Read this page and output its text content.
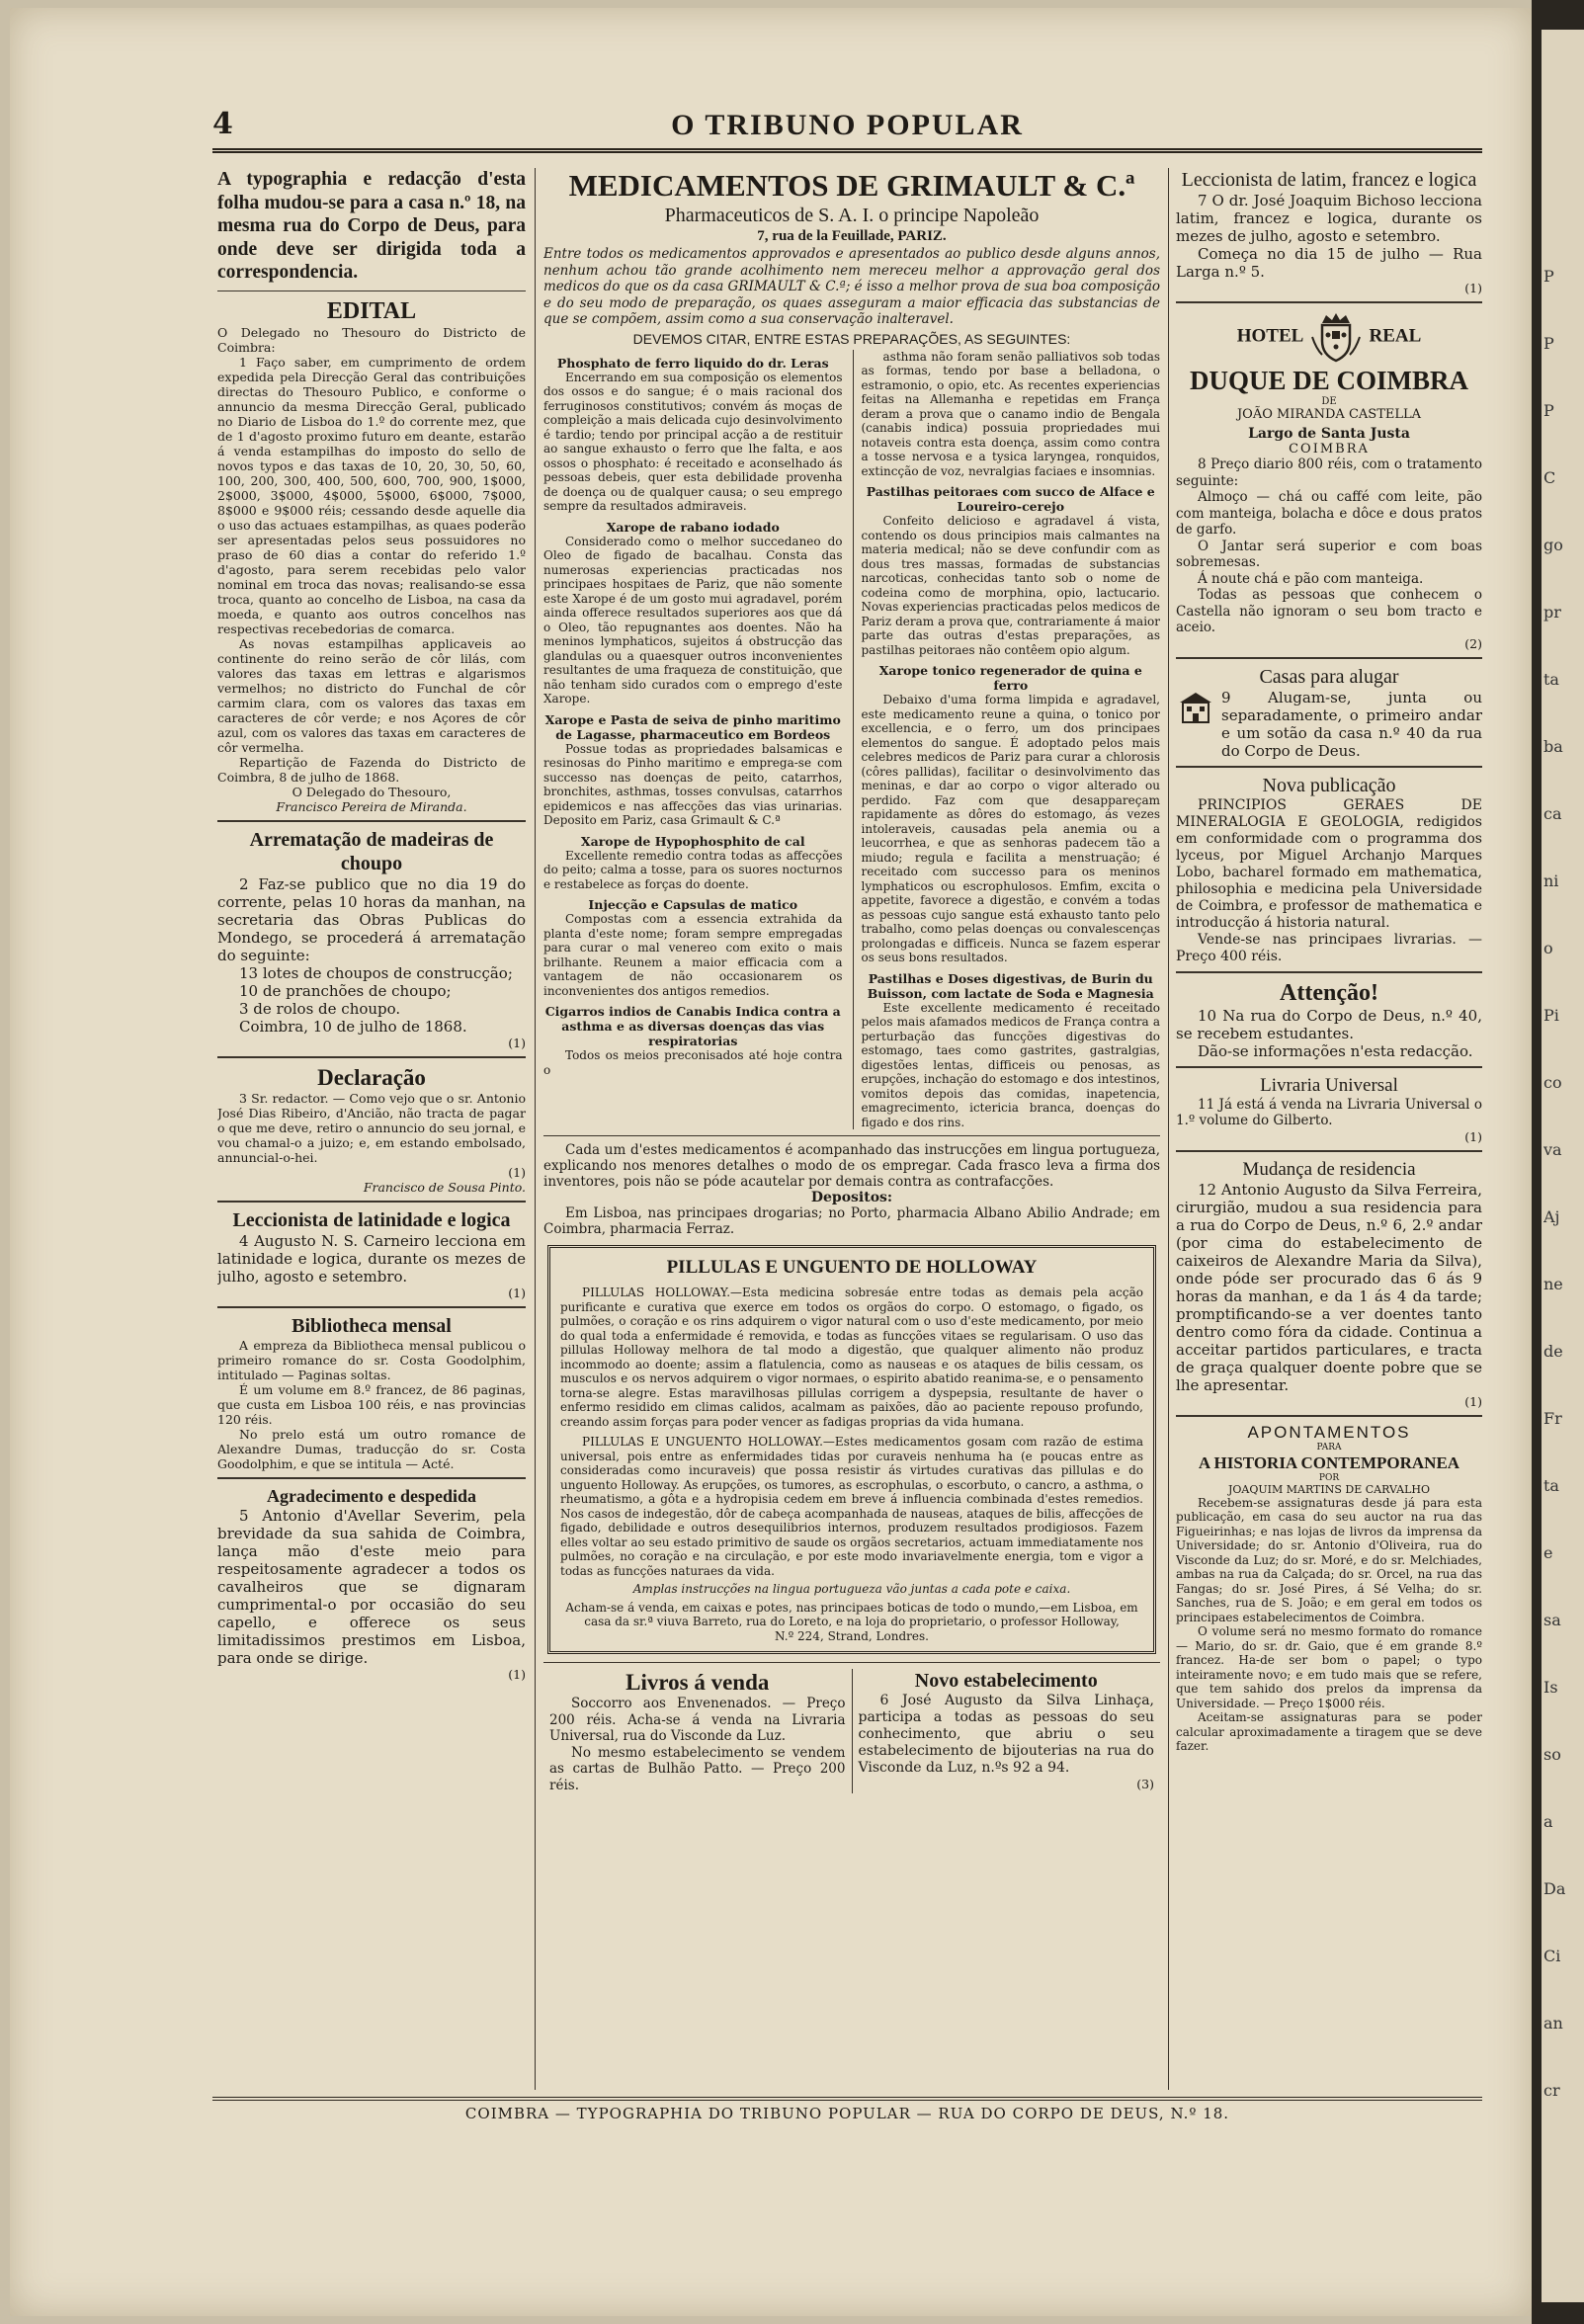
P
P
P
C
go
pr
ta
ba
ca
ni
o
Pi
co
va
Aj
ne
de
Fr
ta
e
sa
Is
so
a
Da
Ci
an
cr
4	O TRIBUNO POPULAR

A typographia e redacção d'esta folha mudou-se para a casa n.º 18, na mesma rua do Corpo de Deus, para onde deve ser dirigida toda a correspondencia.

EDITAL

O Delegado no Thesouro do Districto de Coimbra:

1 Faço saber, em cumprimento de ordem expedida pela Direcção Geral das contribuições directas do Thesouro Publico, e conforme o annuncio da mesma Direcção Geral, publicado no Diario de Lisboa do 1.º do corrente mez, que de 1 d'agosto proximo futuro em deante, estarão á venda estampilhas do imposto do sello de novos typos e das taxas de 10, 20, 30, 50, 60, 100, 200, 300, 400, 500, 600, 700, 900, 1$000, 2$000, 3$000, 4$000, 5$000, 6$000, 7$000, 8$000 e 9$000 réis; cessando desde aquelle dia o uso das actuaes estampilhas, as quaes poderão ser apresentadas pelos seus possuidores no praso de 60 dias a contar do referido 1.º d'agosto, para serem recebidas pelo valor nominal em troca das novas; realisando-se essa troca, quanto ao concelho de Lisboa, na casa da moeda, e quanto aos outros concelhos nas respectivas recebedorias de comarca.

As novas estampilhas applicaveis ao continente do reino serão de côr lilás, com valores das taxas em lettras e algarismos vermelhos; no districto do Funchal de côr carmim clara, com os valores das taxas em caracteres de côr verde; e nos Açores de côr azul, com os valores das taxas em caracteres de côr vermelha.

Repartição de Fazenda do Districto de Coimbra, 8 de julho de 1868.

O Delegado do Thesouro,

Francisco Pereira de Miranda.

Arrematação de madeiras de choupo

2 Faz-se publico que no dia 19 do corrente, pelas 10 horas da manhan, na secretaria das Obras Publicas do Mondego, se procederá á arrematação do seguinte:

13 lotes de choupos de construcção;

10 de pranchões de choupo;

3 de rolos de choupo.

Coimbra, 10 de julho de 1868.

(1)

Declaração

3 Sr. redactor. — Como vejo que o sr. Antonio José Dias Ribeiro, d'Ancião, não tracta de pagar o que me deve, retiro o annuncio do seu jornal, e vou chamal-o a juizo; e, em estando embolsado, annuncial-o-hei.

(1)

Francisco de Sousa Pinto.

Leccionista de latinidade e logica

4 Augusto N. S. Carneiro lecciona em latinidade e logica, durante os mezes de julho, agosto e setembro.

(1)

Bibliotheca mensal

A empreza da Bibliotheca mensal publicou o primeiro romance do sr. Costa Goodolphim, intitulado — Paginas soltas.

É um volume em 8.º francez, de 86 paginas, que custa em Lisboa 100 réis, e nas provincias 120 réis.

No prelo está um outro romance de Alexandre Dumas, traducção do sr. Costa Goodolphim, e que se intitula — Acté.

Agradecimento e despedida

5 Antonio d'Avellar Severim, pela brevidade da sua sahida de Coimbra, lança mão d'este meio para respeitosamente agradecer a todos os cavalheiros que se dignaram cumprimental-o por occasião do seu capello, e offerece os seus limitadissimos prestimos em Lisboa, para onde se dirige.

(1)

MEDICAMENTOS DE GRIMAULT & C.ª

Pharmaceuticos de S. A. I. o principe Napoleão

7, rua de la Feuillade, PARIZ.

Entre todos os medicamentos approvados e apresentados ao publico desde alguns annos, nenhum achou tão grande acolhimento nem mereceu melhor a approvação geral dos medicos do que os da casa GRIMAULT & C.ª; é isso a melhor prova de sua boa composição e do seu modo de preparação, os quaes asseguram a maior efficacia das substancias de que se compõem, assim como a sua conservação inalteravel.

DEVEMOS CITAR, ENTRE ESTAS PREPARAÇÕES, AS SEGUINTES:

Phosphato de ferro liquido do dr. Leras

Encerrando em sua composição os elementos dos ossos e do sangue; é o mais racional dos ferruginosos constitutivos; convém ás moças de compleição a mais delicada cujo desinvolvimento é tardio; tendo por principal acção a de restituir ao sangue exhausto o ferro que lhe falta, e aos ossos o phosphato: é receitado e aconselhado ás pessoas debeis, quer esta debilidade provenha de doença ou de qualquer causa; o seu emprego sempre da resultados admiraveis.

Xarope de rabano iodado

Considerado como o melhor succedaneo do Oleo de figado de bacalhau. Consta das numerosas experiencias practicadas nos principaes hospitaes de Pariz, que não somente este Xarope é de um gosto mui agradavel, porém ainda offerece resultados superiores aos que dá o Oleo, tão repugnantes aos doentes. Não ha meninos lymphaticos, sujeitos á obstrucção das glandulas ou a quaesquer outros inconvenientes resultantes de uma fraqueza de constituição, que não tenham sido curados com o emprego d'este Xarope.

Xarope e Pasta de seiva de pinho maritimo de Lagasse, pharmaceutico em Bordeos

Possue todas as propriedades balsamicas e resinosas do Pinho maritimo e emprega-se com successo nas doenças de peito, catarrhos, bronchites, asthmas, tosses convulsas, catarrhos epidemicos e nas affecções das vias urinarias. Deposito em Pariz, casa Grimault & C.ª

Xarope de Hypophosphito de cal

Excellente remedio contra todas as affecções do peito; calma a tosse, para os suores nocturnos e restabelece as forças do doente.

Injecção e Capsulas de matico

Compostas com a essencia extrahida da planta d'este nome; foram sempre empregadas para curar o mal venereo com exito o mais brilhante. Reunem a maior efficacia com a vantagem de não occasionarem os inconvenientes dos antigos remedios.

Cigarros indios de Canabis Indica contra a asthma e as diversas doenças das vias respiratorias

Todos os meios preconisados até hoje contra o

asthma não foram senão palliativos sob todas as formas, tendo por base a belladona, o estramonio, o opio, etc. As recentes experiencias feitas na Allemanha e repetidas em França deram a prova que o canamo indio de Bengala (canabis indica) possuia propriedades mui notaveis contra esta doença, assim como contra a tosse nervosa e a tysica laryngea, ronquidos, extincção de voz, nevralgias faciaes e insomnias.

Pastilhas peitoraes com succo de Alface e Loureiro-cerejo

Confeito delicioso e agradavel á vista, contendo os dous principios mais calmantes na materia medical; não se deve confundir com as dous tres massas, formadas de substancias narcoticas, conhecidas tanto sob o nome de codeina como de morphina, opio, lactucario. Novas experiencias practicadas pelos medicos de Pariz deram a prova que, contrariamente á maior parte das outras d'estas preparações, as pastilhas peitoraes não contêem opio algum.

Xarope tonico regenerador de quina e ferro

Debaixo d'uma forma limpida e agradavel, este medicamento reune a quina, o tonico por excellencia, e o ferro, um dos principaes elementos do sangue. É adoptado pelos mais celebres medicos de Pariz para curar a chlorosis (côres pallidas), facilitar o desinvolvimento das meninas, e dar ao corpo o vigor alterado ou perdido. Faz com que desappareçam rapidamente as dôres do estomago, ás vezes intoleraveis, causadas pela anemia ou a leucorrhea, e que as senhoras padecem tão a miudo; regula e facilita a menstruação; é receitado com successo para os meninos lymphaticos ou escrophulosos. Emfim, excita o appetite, favorece a digestão, e convém a todas as pessoas cujo sangue está exhausto tanto pelo trabalho, como pelas doenças ou convalescenças prolongadas e difficeis. Nunca se fazem esperar os seus bons resultados.

Pastilhas e Doses digestivas, de Burin du Buisson, com lactate de Soda e Magnesia

Este excellente medicamento é receitado pelos mais afamados medicos de França contra a perturbação das funcções digestivas do estomago, taes como gastrites, gastralgias, digestões lentas, difficeis ou penosas, as erupções, inchação do estomago e dos intestinos, vomitos depois das comidas, inapetencia, emagrecimento, ictericia branca, doenças do figado e dos rins.

Cada um d'estes medicamentos é acompanhado das instrucções em lingua portugueza, explicando nos menores detalhes o modo de os empregar. Cada frasco leva a firma dos inventores, pois não se póde acautelar por demais contra as contrafacções.

Depositos:

Em Lisboa, nas principaes drogarias; no Porto, pharmacia Albano Abilio Andrade; em Coimbra, pharmacia Ferraz.

PILLULAS E UNGUENTO DE HOLLOWAY

PILLULAS HOLLOWAY.—Esta medicina sobresáe entre todas as demais pela acção purificante e curativa que exerce em todos os orgãos do corpo. O estomago, o figado, os pulmões, o coração e os rins adquirem o vigor natural com o uso d'este medicamento, por meio do qual toda a enfermidade é removida, e todas as funcções vitaes se regularisam. O uso das pillulas Holloway melhora de tal modo a digestão, que qualquer alimento não produz incommodo ao doente; assim a flatulencia, como as nauseas e os ataques de bilis cessam, os musculos e os nervos adquirem o vigor normaes, o espirito abatido reanima-se, e o pensamento torna-se alegre. Estas maravilhosas pillulas corrigem a dyspepsia, resultante de haver o enfermo residido em climas calidos, acalmam as paixões, dão ao paciente repouso profundo, creando assim forças para poder vencer as fadigas proprias da vida humana.

PILLULAS E UNGUENTO HOLLOWAY.—Estes medicamentos gosam com razão de estima universal, pois entre as enfermidades tidas por curaveis nenhuma ha (e poucas entre as consideradas como incuraveis) que possa resistir ás virtudes curativas das pillulas e do unguento Holloway. As erupções, os tumores, as escrophulas, o escorbuto, o cancro, a asthma, o rheumatismo, a gôta e a hydropisia cedem em breve á influencia combinada d'estes remedios. Nos casos de indegestão, dôr de cabeça acompanhada de nauseas, ataques de bilis, affecções de figado, debilidade e outros desequilibrios internos, produzem resultados prodigiosos. Fazem elles voltar ao seu estado primitivo de saude os orgãos secretarios, actuam immediatamente nos pulmões, no coração e na circulação, e por este modo invariavelmente energia, tom e vigor a todas as funcções naturaes da vida.

Amplas instrucções na lingua portugueza vão juntas a cada pote e caixa.

Acham-se á venda, em caixas e potes, nas principaes boticas de todo o mundo,—em Lisboa, em casa da sr.ª viuva Barreto, rua do Loreto, e na loja do proprietario, o professor Holloway,

N.º 224, Strand, Londres.

Livros á venda

Soccorro aos Envenenados. — Preço 200 réis. Acha-se á venda na Livraria Universal, rua do Visconde da Luz.

No mesmo estabelecimento se vendem as cartas de Bulhão Patto. — Preço 200 réis.

Novo estabelecimento

6 José Augusto da Silva Linhaça, participa a todas as pessoas do seu conhecimento, que abriu o seu estabelecimento de bijouterias na rua do Visconde da Luz, n.ºs 92 a 94.

(3)

Leccionista de latim, francez e logica

7 O dr. José Joaquim Bichoso lecciona latim, francez e logica, durante os mezes de julho, agosto e setembro.

Começa no dia 15 de julho — Rua Larga n.º 5.

(1)

HOTEL	REAL
DUQUE DE COIMBRA

DE

JOÃO MIRANDA CASTELLA

Largo de Santa Justa

COIMBRA

8 Preço diario 800 réis, com o tratamento seguinte:

Almoço — chá ou caffé com leite, pão com manteiga, bolacha e dôce e dous pratos de garfo.

O Jantar será superior e com boas sobremesas.

Á noute chá e pão com manteiga.

Todas as pessoas que conhecem o Castella não ignoram o seu bom tracto e aceio.

(2)

Casas para alugar

9 Alugam-se, junta ou separadamente, o primeiro andar e um sotão da casa n.º 40 da rua do Corpo de Deus.

Nova publicação

PRINCIPIOS GERAES DE MINERALOGIA E GEOLOGIA, redigidos em conformidade com o programma dos lyceus, por Miguel Archanjo Marques Lobo, bacharel formado em mathematica, philosophia e medicina pela Universidade de Coimbra, e professor de mathematica e introducção á historia natural.

Vende-se nas principaes livrarias. — Preço 400 réis.

Attenção!

10 Na rua do Corpo de Deus, n.º 40, se recebem estudantes.

Dão-se informações n'esta redacção.

Livraria Universal

11 Já está á venda na Livraria Universal o 1.º volume do Gilberto.

(1)

Mudança de residencia

12 Antonio Augusto da Silva Ferreira, cirurgião, mudou a sua residencia para a rua do Corpo de Deus, n.º 6, 2.º andar (por cima do estabelecimento de caixeiros de Alexandre Maria da Silva), onde póde ser procurado das 6 ás 9 horas da manhan, e da 1 ás 4 da tarde; promptificando-se a ver doentes tanto dentro como fóra da cidade. Continua a acceitar partidos particulares, e tracta de graça qualquer doente pobre que se lhe apresentar.

(1)

APONTAMENTOS

PARA

A HISTORIA CONTEMPORANEA

POR

JOAQUIM MARTINS DE CARVALHO

Recebem-se assignaturas desde já para esta publicação, em casa do seu auctor na rua das Figueirinhas; e nas lojas de livros da imprensa da Universidade; do sr. Antonio d'Oliveira, rua do Visconde da Luz; do sr. Moré, e do sr. Melchiades, ambas na rua da Calçada; do sr. Orcel, na rua das Fangas; do sr. José Pires, á Sé Velha; do sr. Sanches, rua de S. João; e em geral em todos os principaes estabelecimentos de Coimbra.

O volume será no mesmo formato do romance — Mario, do sr. dr. Gaio, que é em grande 8.º francez. Ha-de ser bom o papel; o typo inteiramente novo; e em tudo mais que se refere, que tem sahido dos prelos da imprensa da Universidade. — Preço 1$000 réis.

Aceitam-se assignaturas para se poder calcular aproximadamente a tiragem que se deve fazer.

COIMBRA — TYPOGRAPHIA DO TRIBUNO POPULAR — RUA DO CORPO DE DEUS, N.º 18.
